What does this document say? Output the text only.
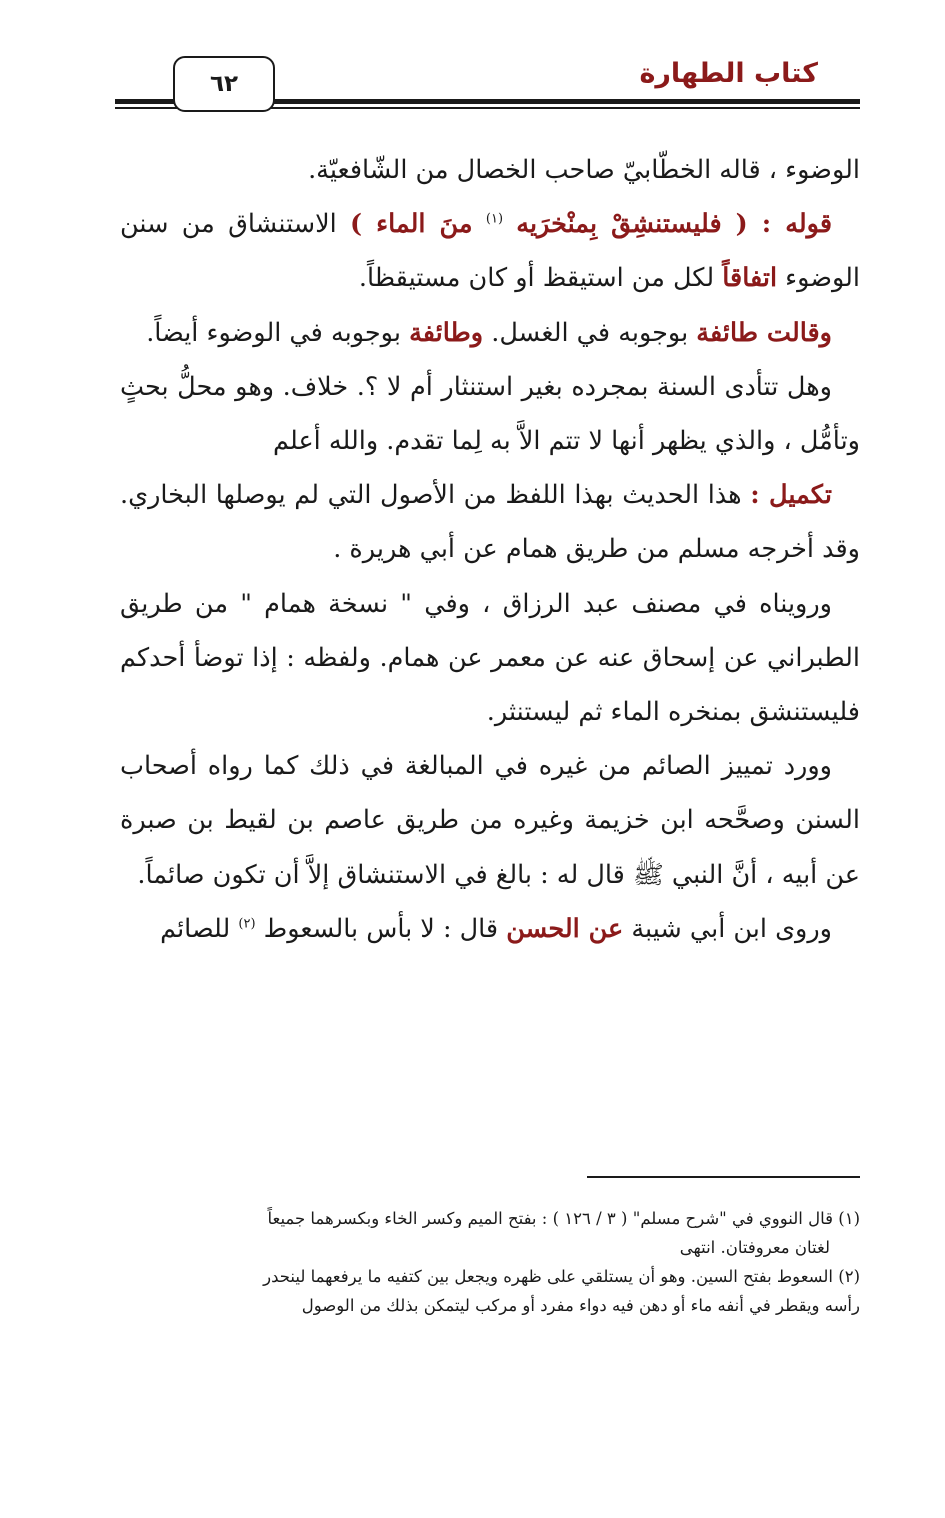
كتاب الطهارة
٦٢

الوضوء ، قاله الخطّابيّ صاحب الخصال من الشّافعيّة.

قوله : ( فليستنشِقْ بِمنْخرَيه $^{(١)}$ منَ الماء ) الاستنشاق من سنن الوضوء اتفاقاً لكل من استيقظ أو كان مستيقظاً.

وقالت طائفة بوجوبه في الغسل. وطائفة بوجوبه في الوضوء أيضاً.

وهل تتأدى السنة بمجرده بغير استنثار أم لا ؟. خلاف. وهو محلُّ بحثٍ وتأمُّل ، والذي يظهر أنها لا تتم الاَّ به لِما تقدم. والله أعلم

تكميل : هذا الحديث بهذا اللفظ من الأصول التي لم يوصلها البخاري. وقد أخرجه مسلم من طريق همام عن أبي هريرة .

ورويناه في مصنف عبد الرزاق ، وفي " نسخة همام " من طريق الطبراني عن إسحاق عنه عن معمر عن همام. ولفظه : إذا توضأ أحدكم فليستنشق بمنخره الماء ثم ليستنثر.

وورد تمييز الصائم من غيره في المبالغة في ذلك كما رواه أصحاب السنن وصحَّحه ابن خزيمة وغيره من طريق عاصم بن لقيط بن صبرة عن أبيه ، أنَّ النبي ﷺ قال له : بالغ في الاستنشاق إلاَّ أن تكون صائماً.

وروى ابن أبي شيبة عن الحسن قال : لا بأس بالسعوط $^{(٢)}$ للصائم

(١) قال النووي في "شرح مسلم" ( ٣ / ١٢٦ ) : بفتح الميم وكسر الخاء وبكسرهما جميعاً

لغتان معروفتان. انتهى

(٢) السعوط بفتح السين. وهو أن يستلقي على ظهره ويجعل بين كتفيه ما يرفعهما لينحدر

رأسه ويقطر في أنفه ماء أو دهن فيه دواء مفرد أو مركب ليتمكن بذلك من الوصول
